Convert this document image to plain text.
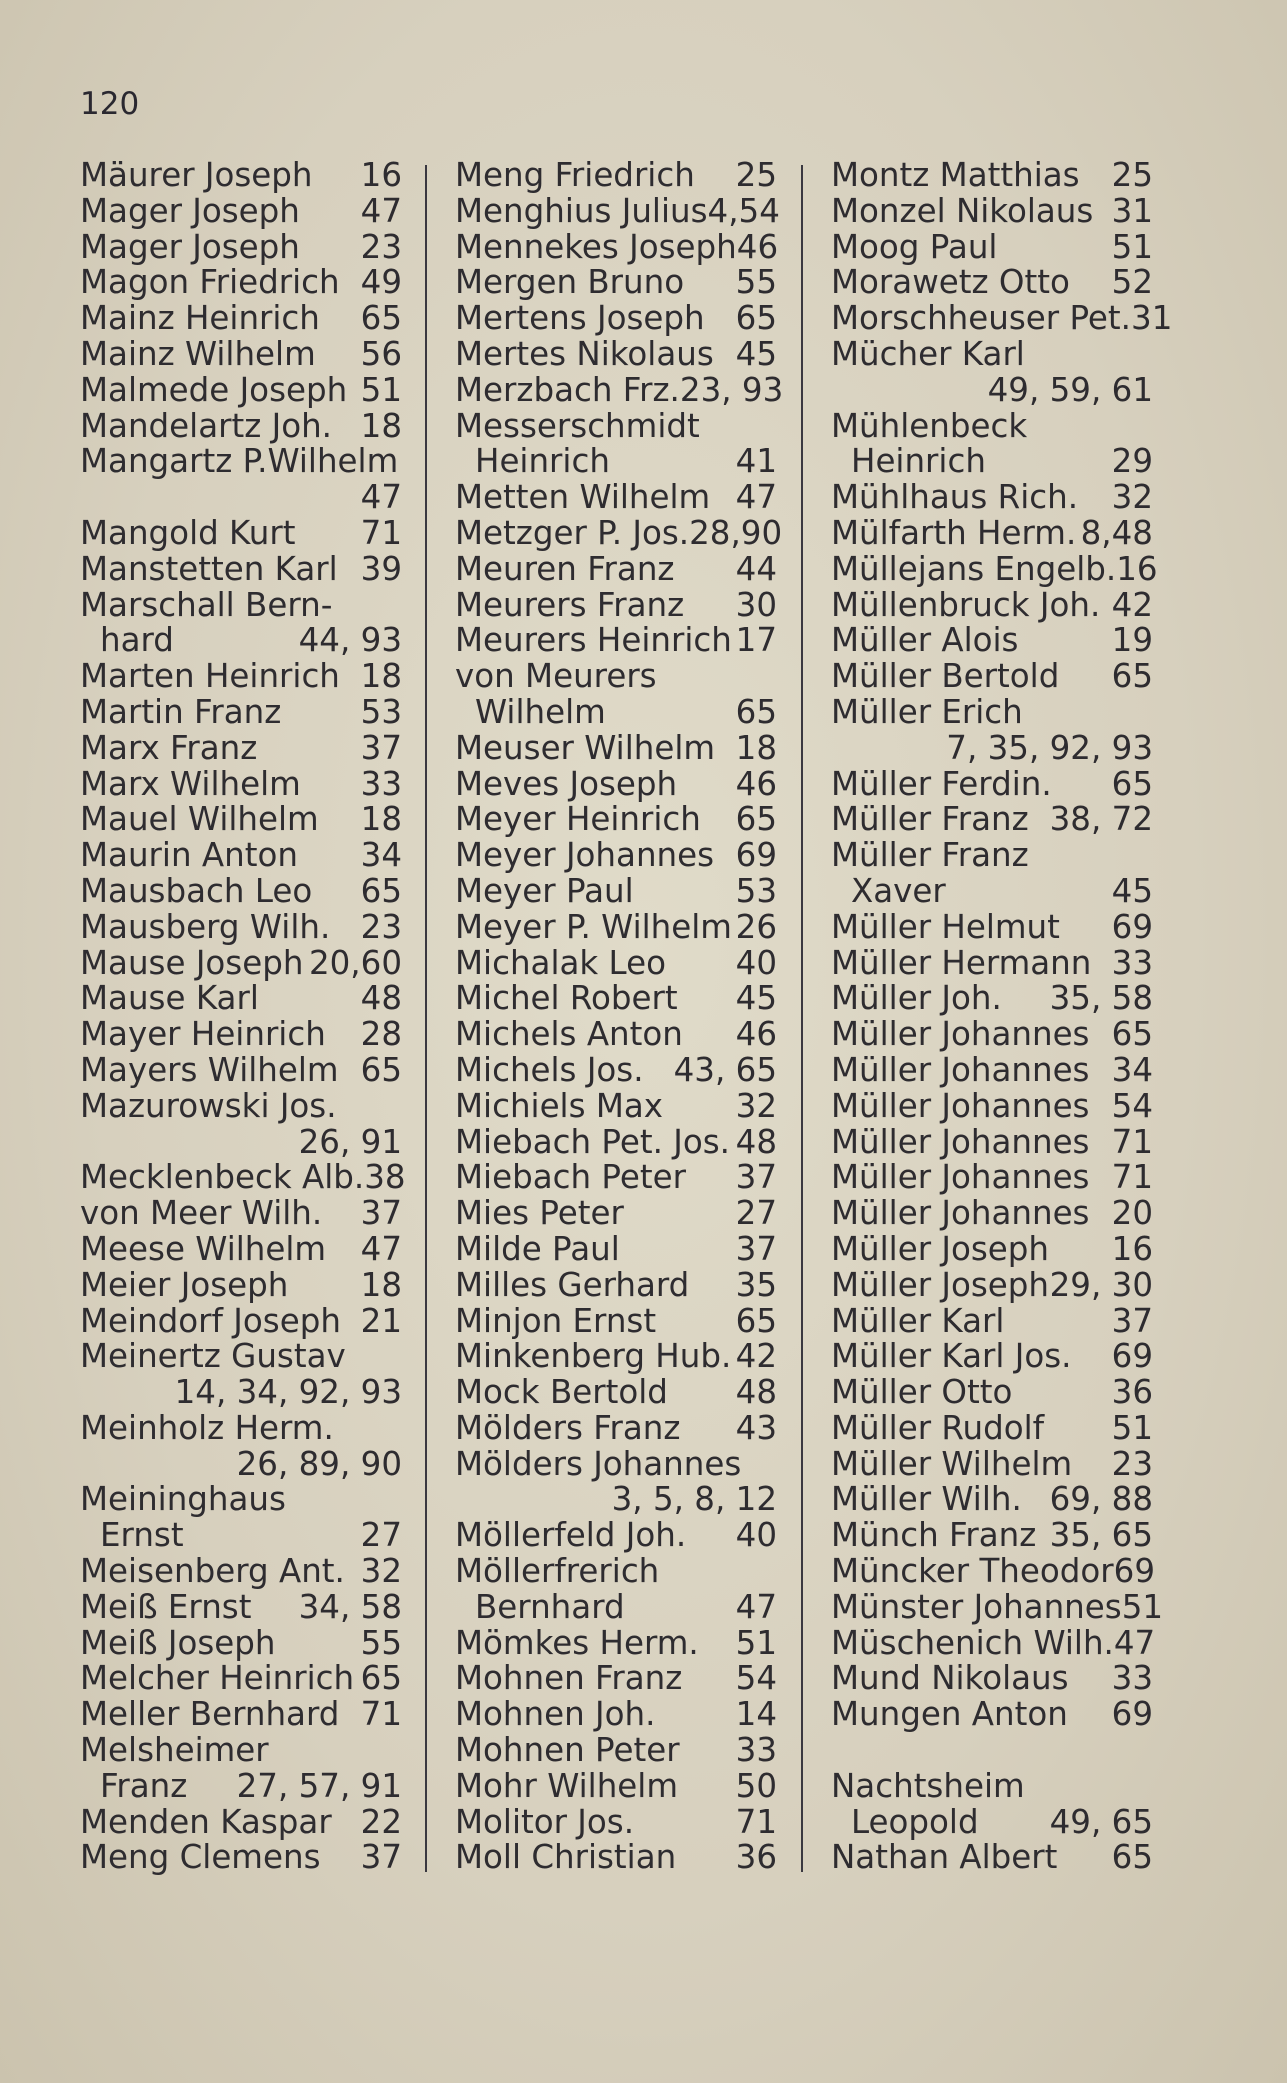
120
Mäurer Joseph 16
Mager Joseph 47
Mager Joseph 23
Magon Friedrich 49
Mainz Heinrich 65
Mainz Wilhelm 56
Malmede Joseph 51
Mandelartz Joh. 18
Mangartz P.Wilhelm
47
Mangold Kurt 71
Manstetten Karl 39
Marschall Bern-
hard	44, 93
Marten Heinrich 18
Martin Franz 53
Marx Franz	37
Marx Wilhelm 33
Mauel Wilhelm 18
Maurin Anton 34
Mausbach Leo 65
Mausberg Wilh. 23
Mause Joseph 20,60
Mause Karl	48
Mayer Heinrich 28
Mayers Wilhelm 65
Mazurowski Jos.
26, 91
Mecklenbeck Alb. 38
von Meer Wilh. 37
Meese Wilhelm 47
Meier Joseph 18
Meindorf Joseph 21
Meinertz Gustav
14, 34, 92, 93
Meinholz Herm.
26, 89, 90
Meininghaus
Ernst	27
Meisenberg Ant. 32
Meiß Ernst 34, 58
Meiß Joseph	55
Melcher Heinrich 65
Meller Bernhard 71
Melsheimer
Franz 27, 57, 91
Menden Kaspar 22
Meng Clemens 37
Meng Friedrich 25
Menghius Julius 4,54
Mennekes Joseph 46
Mergen Bruno 55
Mertens Joseph 65
Mertes Nikolaus 45
Merzbach Frz. 23, 93
Messerschmidt
Heinrich	41
Metten Wilhelm 47
Metzger P. Jos. 28,90
Meuren Franz 44
Meurers Franz 30
Meurers Heinrich 17
von Meurers
Wilhelm	65
Meuser Wilhelm 18
Meves Joseph 46
Meyer Heinrich 65
Meyer Johannes 69
Meyer Paul	53
Meyer P. Wilhelm 26
Michalak Leo 40
Michel Robert 45
Michels Anton 46
Michels Jos. 43, 65
Michiels Max 32
Miebach Pet. Jos. 48
Miebach Peter 37
Mies Peter	27
Milde Paul	37
Milles Gerhard 35
Minjon Ernst 65
Minkenberg Hub. 42
Mock Bertold 48
Mölders Franz 43
Mölders Johannes
3, 5, 8, 12
Möllerfeld Joh. 40
Möllerfrerich
Bernhard	47
Mömkes Herm. 51
Mohnen Franz 54
Mohnen Joh. 14
Mohnen Peter 33
Mohr Wilhelm 50
Molitor Jos.	71
Moll Christian 36
Montz Matthias 25
Monzel Nikolaus 31
Moog Paul	51
Morawetz Otto 52
Morschheuser Pet. 31
Mücher Karl
49, 59, 61
Mühlenbeck
Heinrich	29
Mühlhaus Rich. 32
Mülfarth Herm. 8,48
Müllejans Engelb. 16
Müllenbruck Joh. 42
Müller Alois	19
Müller Bertold 65
Müller Erich
7, 35, 92, 93
Müller Ferdin. 65
Müller Franz 38, 72
Müller Franz
Xaver	45
Müller Helmut 69
Müller Hermann 33
Müller Joh. 35, 58
Müller Johannes 65
Müller Johannes 34
Müller Johannes 54
Müller Johannes 71
Müller Johannes 71
Müller Johannes 20
Müller Joseph 16
Müller Joseph 29, 30
Müller Karl	37
Müller Karl Jos. 69
Müller Otto	36
Müller Rudolf 51
Müller Wilhelm 23
Müller Wilh. 69, 88
Münch Franz 35, 65
Müncker Theodor 69
Münster Johannes 51
Müschenich Wilh. 47
Mund Nikolaus 33
Mungen Anton 69
Nachtsheim
Leopold 49, 65
Nathan Albert 65
